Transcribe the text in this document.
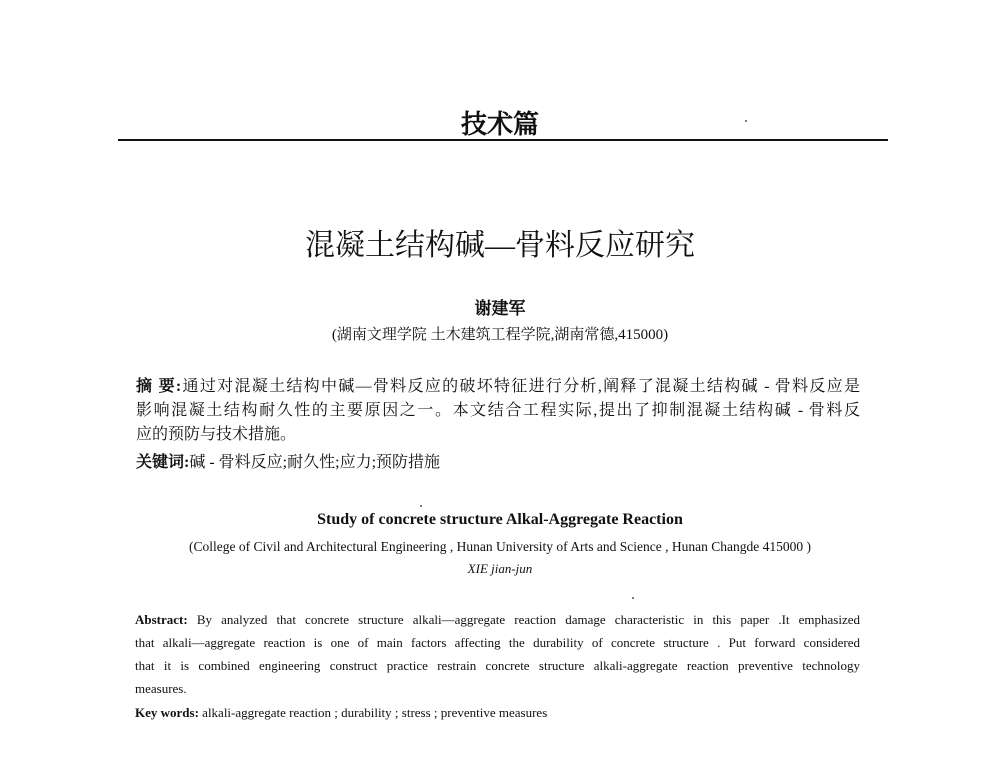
技术篇
混凝土结构碱—骨料反应研究
谢建军
(湖南文理学院 土木建筑工程学院,湖南常德,415000)
摘 要:通过对混凝土结构中碱—骨料反应的破坏特征进行分析,阐释了混凝土结构碱 - 骨料反应是
影响混凝土结构耐久性的主要原因之一。本文结合工程实际,提出了抑制混凝土结构碱 - 骨料反
应的预防与技术措施。
关键词:碱 - 骨料反应;耐久性;应力;预防措施
Study of concrete structure Alkal-Aggregate Reaction
(College of Civil and Architectural Engineering , Hunan University of Arts and Science , Hunan Changde 415000 )
XIE jian-jun
Abstract: By analyzed that concrete structure alkali—aggregate reaction damage characteristic in this paper .It emphasized
that alkali—aggregate reaction is one of main factors affecting the durability of concrete structure . Put forward considered
that it is combined engineering construct practice restrain concrete structure alkali-aggregate reaction preventive technology
measures.
Key words: alkali-aggregate reaction ; durability ; stress ; preventive measures
